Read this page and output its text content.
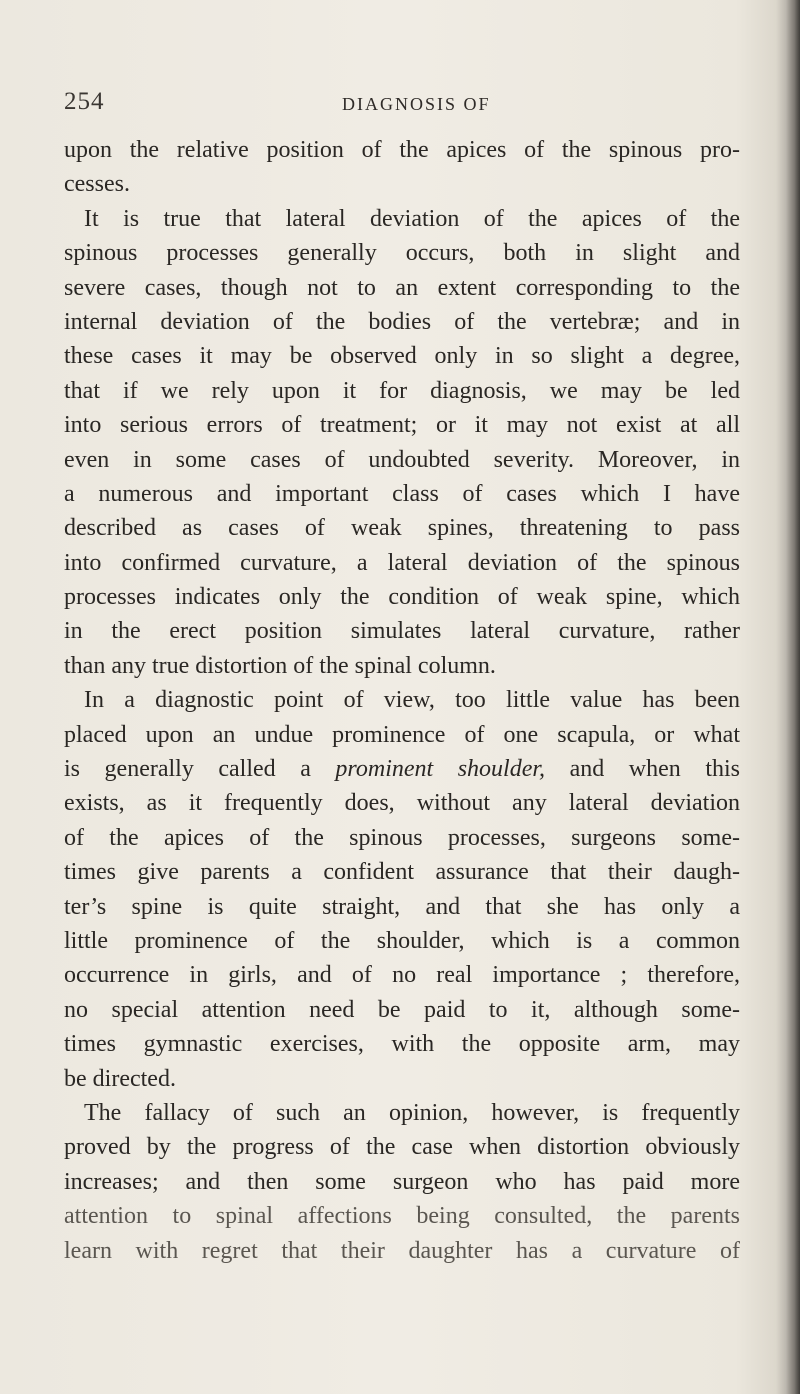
254	DIAGNOSIS OF
upon the relative position of the apices of the spinous pro-
cesses.
It is true that lateral deviation of the apices of the
spinous processes generally occurs, both in slight and
severe cases, though not to an extent corresponding to the
internal deviation of the bodies of the vertebræ; and in
these cases it may be observed only in so slight a degree,
that if we rely upon it for diagnosis, we may be led
into serious errors of treatment; or it may not exist at all
even in some cases of undoubted severity. Moreover, in
a numerous and important class of cases which I have
described as cases of weak spines, threatening to pass
into confirmed curvature, a lateral deviation of the spinous
processes indicates only the condition of weak spine, which
in the erect position simulates lateral curvature, rather
than any true distortion of the spinal column.
In a diagnostic point of view, too little value has been
placed upon an undue prominence of one scapula, or what
is generally called a prominent shoulder, and when this
exists, as it frequently does, without any lateral deviation
of the apices of the spinous processes, surgeons some-
times give parents a confident assurance that their daugh-
ter’s spine is quite straight, and that she has only a
little prominence of the shoulder, which is a common
occurrence in girls, and of no real importance ; therefore,
no special attention need be paid to it, although some-
times gymnastic exercises, with the opposite arm, may
be directed.
The fallacy of such an opinion, however, is frequently
proved by the progress of the case when distortion obviously
increases; and then some surgeon who has paid more
attention to spinal affections being consulted, the parents
learn with regret that their daughter has a curvature of
